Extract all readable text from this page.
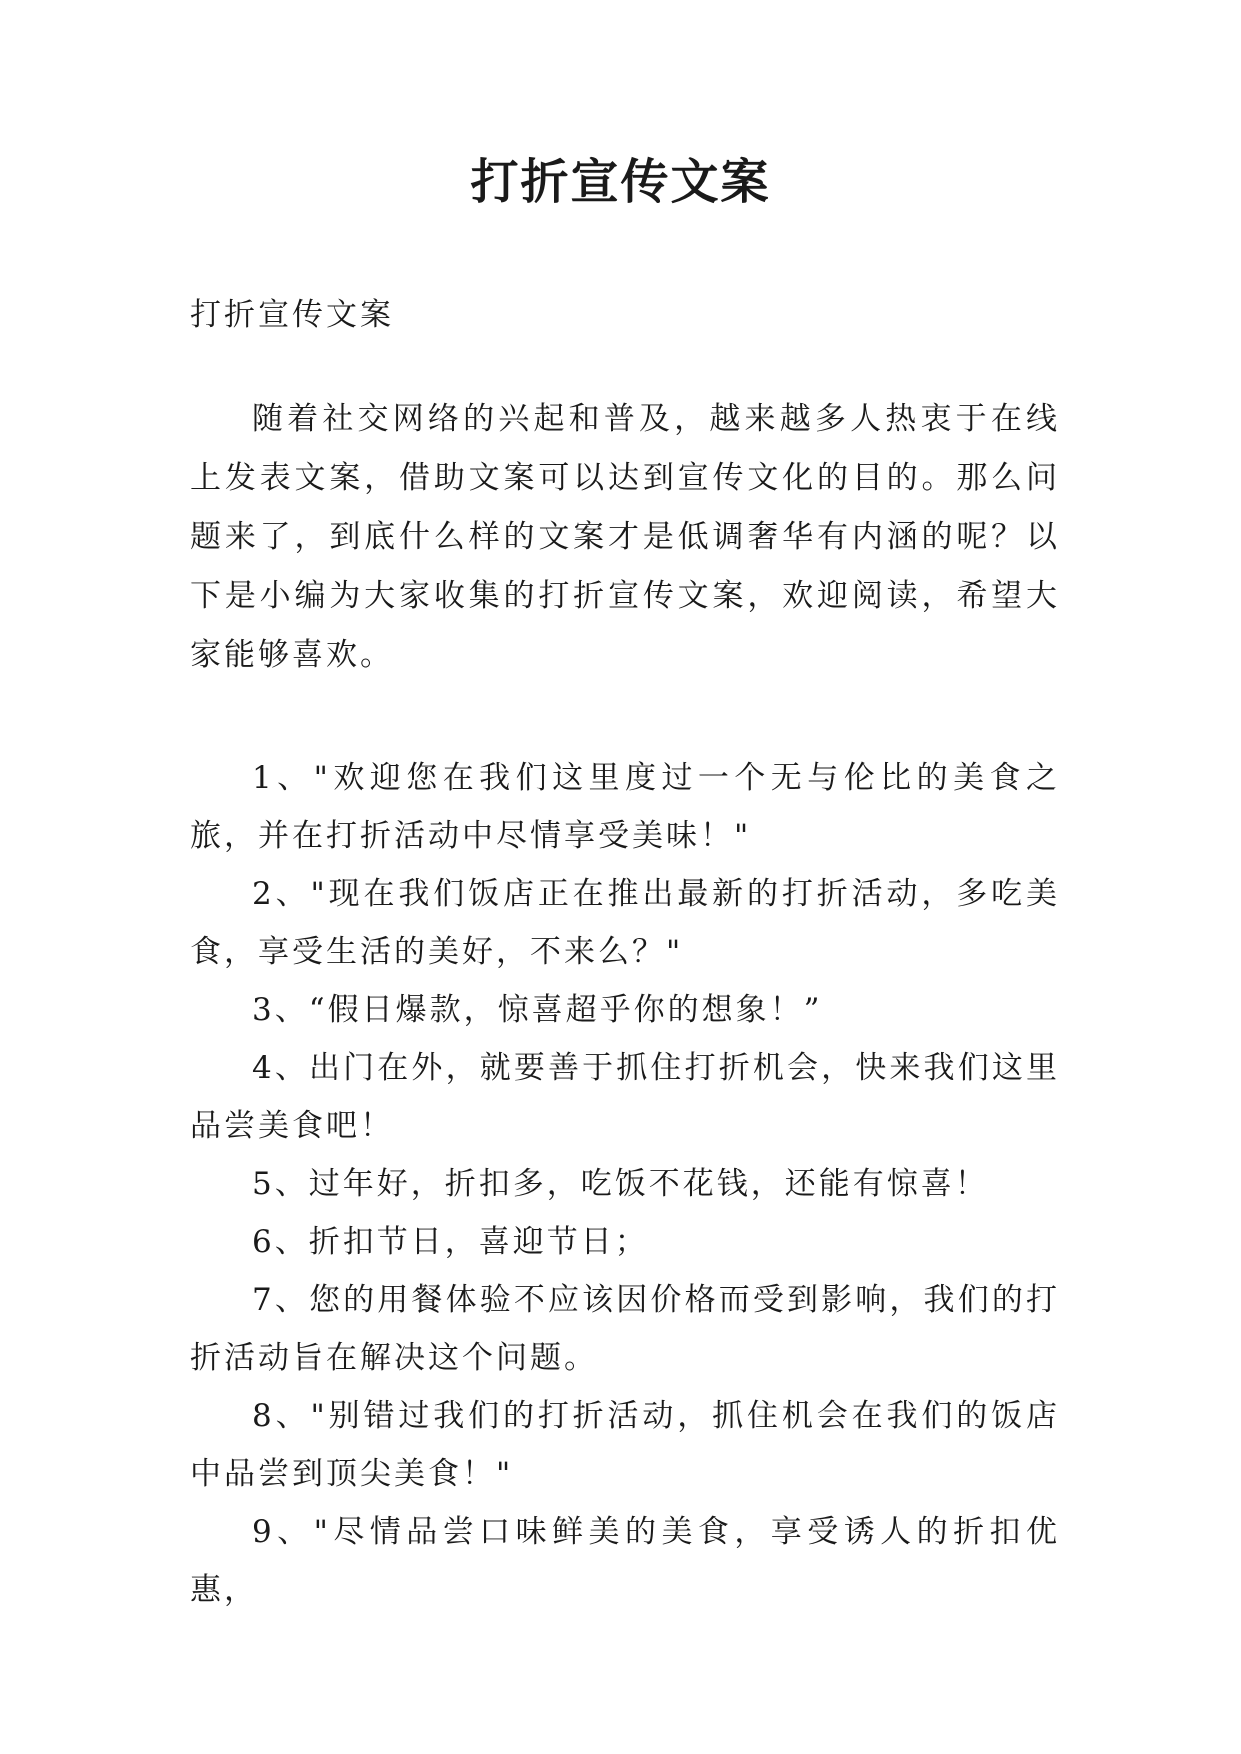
打折宣传文案

打折宣传文案

随着社交网络的兴起和普及，越来越多人热衷于在线上发表文案，借助文案可以达到宣传文化的目的。那么问题来了，到底什么样的文案才是低调奢华有内涵的呢？以下是小编为大家收集的打折宣传文案，欢迎阅读，希望大家能够喜欢。

1、"欢迎您在我们这里度过一个无与伦比的美食之旅，并在打折活动中尽情享受美味！"
2、"现在我们饭店正在推出最新的打折活动，多吃美食，享受生活的美好，不来么？"
3、“假日爆款，惊喜超乎你的想象！”
4、出门在外，就要善于抓住打折机会，快来我们这里品尝美食吧！
5、过年好，折扣多，吃饭不花钱，还能有惊喜！
6、折扣节日，喜迎节日；
7、您的用餐体验不应该因价格而受到影响，我们的打折活动旨在解决这个问题。
8、"别错过我们的打折活动，抓住机会在我们的饭店中品尝到顶尖美食！"
9、"尽情品尝口味鲜美的美食，享受诱人的折扣优惠，
